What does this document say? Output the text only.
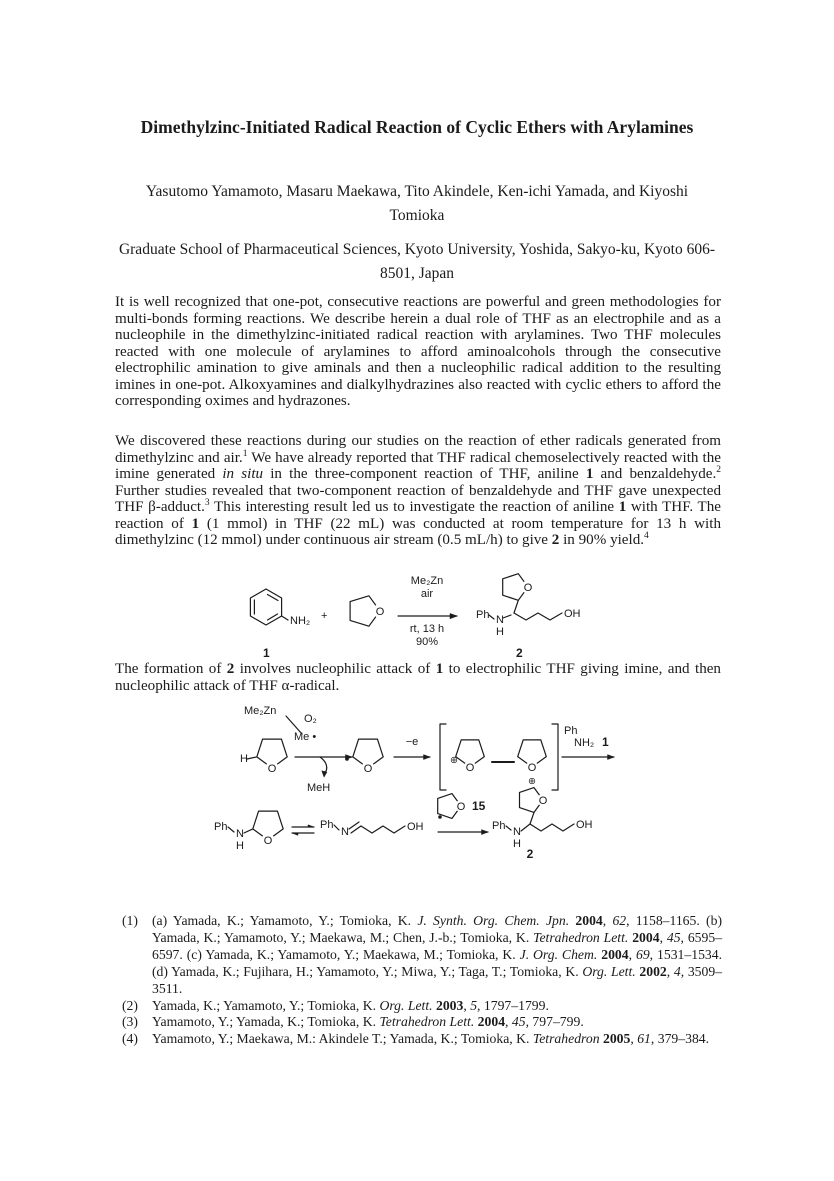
Dimethylzinc-Initiated Radical Reaction of Cyclic Ethers with Arylamines
Yasutomo Yamamoto, Masaru Maekawa, Tito Akindele, Ken-ichi Yamada, and Kiyoshi Tomioka
Graduate School of Pharmaceutical Sciences, Kyoto University, Yoshida, Sakyo-ku, Kyoto 606-8501, Japan
It is well recognized that one-pot, consecutive reactions are powerful and green methodologies for multi-bonds forming reactions. We describe herein a dual role of THF as an electrophile and as a nucleophile in the dimethylzinc-initiated radical reaction with arylamines. Two THF molecules reacted with one molecule of arylamines to afford aminoalcohols through the consecutive electrophilic amination to give aminals and then a nucleophilic radical addition to the resulting imines in one-pot. Alkoxyamines and dialkylhydrazines also reacted with cyclic ethers to afford the corresponding oximes and hydrazones.
We discovered these reactions during our studies on the reaction of ether radicals generated from dimethylzinc and air.$^1$ We have already reported that THF radical chemoselectively reacted with the imine generated in situ in the three-component reaction of THF, aniline 1 and benzaldehyde.$^2$ Further studies revealed that two-component reaction of benzaldehyde and THF gave unexpected THF β-adduct.$^3$ This interesting result led us to investigate the reaction of aniline 1 with THF. The reaction of 1 (1 mmol) in THF (22 mL) was conducted at room temperature for 13 h with dimethylzinc (12 mmol) under continuous air stream (0.5 mL/h) to give 2 in 90% yield.$^4$
NH₂
1
+	O
Me₂Zn
air
rt, 13 h
90%
O
Ph N
H
OH
2
The formation of 2 involves nucleophilic attack of 1 to electrophilic THF giving imine, and then nucleophilic attack of THF α-radical.
Me₂Zn
O₂
Me •
O
H
MeH
O
−e
O
⊕
O
⊕
Ph
NH₂ 1
Ph
N
H O
Ph
N	OH
O 15	O
Ph N
H
OH
2
(1) (a) Yamada, K.; Yamamoto, Y.; Tomioka, K. J. Synth. Org. Chem. Jpn. 2004, 62, 1158–1165. (b) Yamada, K.; Yamamoto, Y.; Maekawa, M.; Chen, J.-b.; Tomioka, K. Tetrahedron Lett. 2004, 45, 6595–6597. (c) Yamada, K.; Yamamoto, Y.; Maekawa, M.; Tomioka, K. J. Org. Chem. 2004, 69, 1531–1534. (d) Yamada, K.; Fujihara, H.; Yamamoto, Y.; Miwa, Y.; Taga, T.; Tomioka, K. Org. Lett. 2002, 4, 3509–3511.
(2) Yamada, K.; Yamamoto, Y.; Tomioka, K. Org. Lett. 2003, 5, 1797–1799.
(3) Yamamoto, Y.; Yamada, K.; Tomioka, K. Tetrahedron Lett. 2004, 45, 797–799.
(4) Yamamoto, Y.; Maekawa, M.: Akindele T.; Yamada, K.; Tomioka, K. Tetrahedron 2005, 61, 379–384.
